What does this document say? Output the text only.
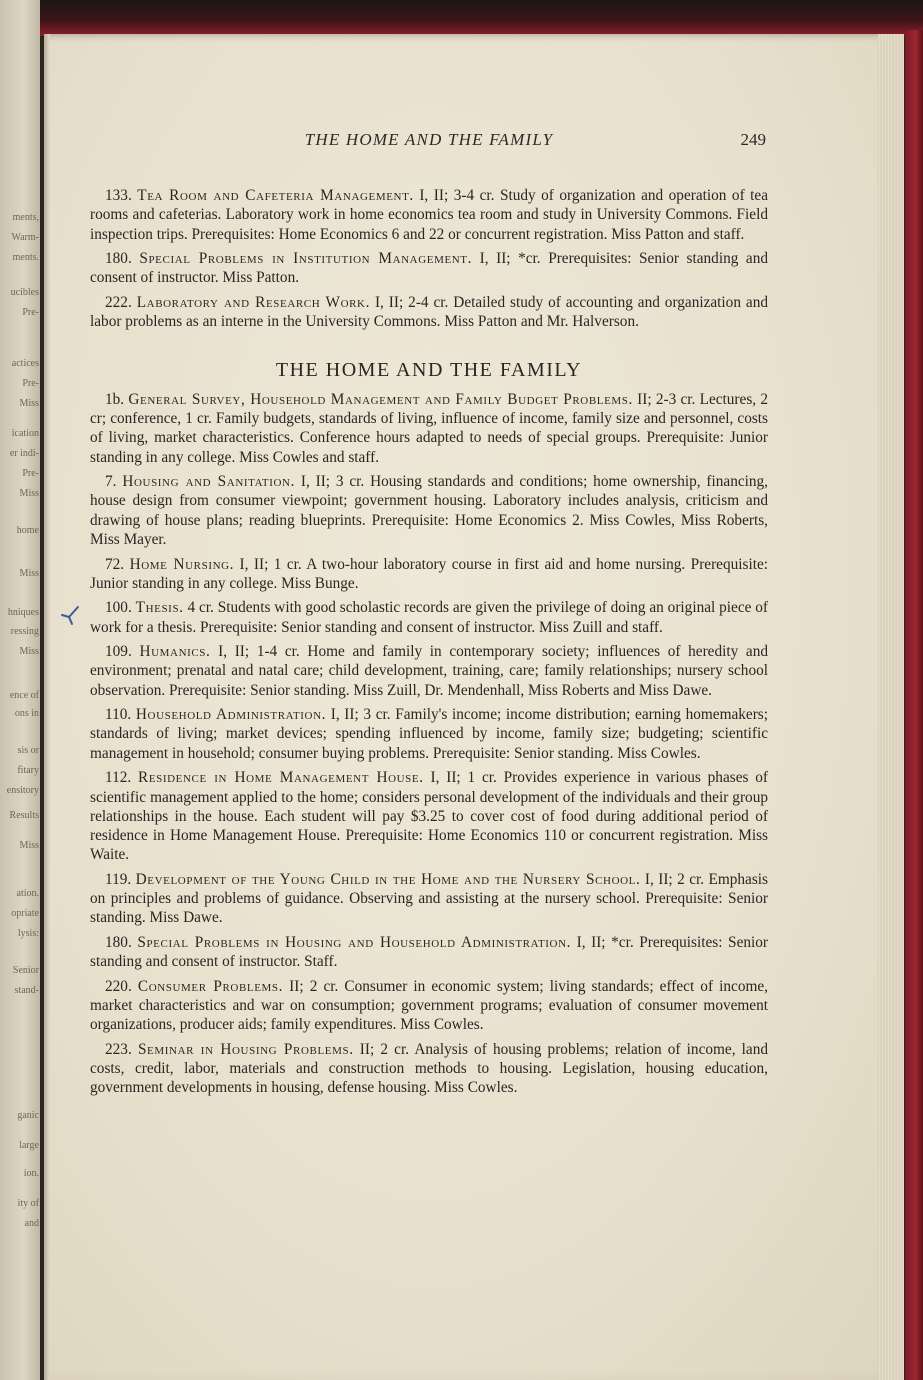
ments,
Warm-
ments.
ucibles
Pre-
actices
Pre-
Miss
ication
er indi-
Pre-
Miss
home
Miss
hniques
ressing
Miss
ence of
ons in
sis or
fitary
ensitory
Results
Miss
ation.
opriate
lysis:
Senior
stand-
ganic
large
ion.
ity of
and
THE HOME AND THE FAMILY	249

133. Tea Room and Cafeteria Management. I, II; 3-4 cr. Study of organization and operation of tea rooms and cafeterias. Laboratory work in home economics tea room and study in University Commons. Field inspection trips. Prerequisites: Home Economics 6 and 22 or concurrent registration. Miss Patton and staff.

180. Special Problems in Institution Management. I, II; *cr. Prerequisites: Senior standing and consent of instructor. Miss Patton.

222. Laboratory and Research Work. I, II; 2-4 cr. Detailed study of accounting and organization and labor problems as an interne in the University Commons. Miss Patton and Mr. Halverson.

THE HOME AND THE FAMILY

1b. General Survey, Household Management and Family Budget Problems. II; 2-3 cr. Lectures, 2 cr; conference, 1 cr. Family budgets, standards of living, influence of income, family size and personnel, costs of living, market characteristics. Conference hours adapted to needs of special groups. Prerequisite: Junior standing in any college. Miss Cowles and staff.

7. Housing and Sanitation. I, II; 3 cr. Housing standards and conditions; home ownership, financing, house design from consumer viewpoint; government housing. Laboratory includes analysis, criticism and drawing of house plans; reading blueprints. Prerequisite: Home Economics 2. Miss Cowles, Miss Roberts, Miss Mayer.

72. Home Nursing. I, II; 1 cr. A two-hour laboratory course in first aid and home nursing. Prerequisite: Junior standing in any college. Miss Bunge.

100. Thesis. 4 cr. Students with good scholastic records are given the privilege of doing an original piece of work for a thesis. Prerequisite: Senior standing and consent of instructor. Miss Zuill and staff.

109. Humanics. I, II; 1-4 cr. Home and family in contemporary society; influences of heredity and environment; prenatal and natal care; child development, training, care; family relationships; nursery school observation. Prerequisite: Senior standing. Miss Zuill, Dr. Mendenhall, Miss Roberts and Miss Dawe.

110. Household Administration. I, II; 3 cr. Family's income; income distribution; earning homemakers; standards of living; market devices; spending influenced by income, family size; budgeting; scientific management in household; consumer buying problems. Prerequisite: Senior standing. Miss Cowles.

112. Residence in Home Management House. I, II; 1 cr. Provides experience in various phases of scientific management applied to the home; considers personal development of the individuals and their group relationships in the house. Each student will pay $3.25 to cover cost of food during additional period of residence in Home Management House. Prerequisite: Home Economics 110 or concurrent registration. Miss Waite.

119. Development of the Young Child in the Home and the Nursery School. I, II; 2 cr. Emphasis on principles and problems of guidance. Observing and assisting at the nursery school. Prerequisite: Senior standing. Miss Dawe.

180. Special Problems in Housing and Household Administration. I, II; *cr. Prerequisites: Senior standing and consent of instructor. Staff.

220. Consumer Problems. II; 2 cr. Consumer in economic system; living standards; effect of income, market characteristics and war on consumption; government programs; evaluation of consumer movement organizations, producer aids; family expenditures. Miss Cowles.

223. Seminar in Housing Problems. II; 2 cr. Analysis of housing problems; relation of income, land costs, credit, labor, materials and construction methods to housing. Legislation, housing education, government developments in housing, defense housing. Miss Cowles.
